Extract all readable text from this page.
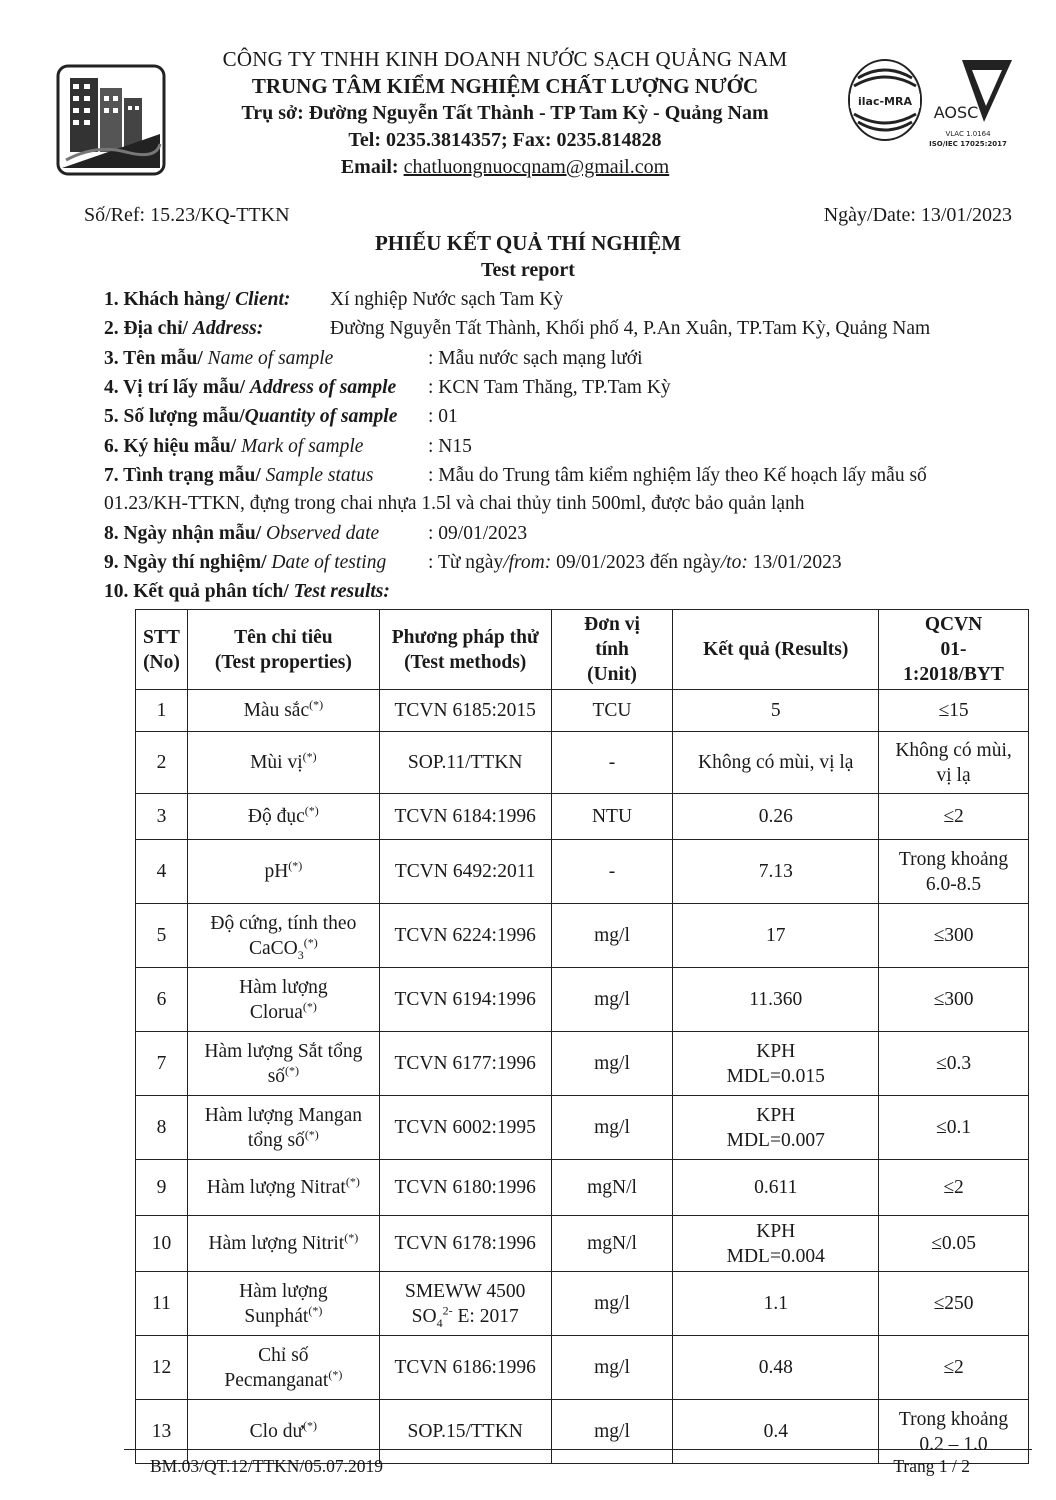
CÔNG TY TNHH KINH DOANH NƯỚC SẠCH QUẢNG NAM
TRUNG TÂM KIỂM NGHIỆM CHẤT LƯỢNG NƯỚC
Trụ sở: Đường Nguyễn Tất Thành - TP Tam Kỳ - Quảng Nam
Tel: 0235.3814357; Fax: 0235.814828
Email: chatluongnuocqnam@gmail.com
ilac-MRA
AOSC
VLAC 1.0164
ISO/IEC 17025:2017
Số/Ref: 15.23/KQ-TTKN	Ngày/Date: 13/01/2023
PHIẾU KẾT QUẢ THÍ NGHIỆM
Test report
1. Khách hàng/ Client: Xí nghiệp Nước sạch Tam Kỳ
2. Địa chỉ/ Address:	Đường Nguyễn Tất Thành, Khối phố 4, P.An Xuân, TP.Tam Kỳ, Quảng Nam
3. Tên mẫu/ Name of sample	: Mẫu nước sạch mạng lưới
4. Vị trí lấy mẫu/ Address of sample : KCN Tam Thăng, TP.Tam Kỳ
5. Số lượng mẫu/Quantity of sample : 01
6. Ký hiệu mẫu/ Mark of sample	: N15
7. Tình trạng mẫu/ Sample status	: Mẫu do Trung tâm kiểm nghiệm lấy theo Kế hoạch lấy mẫu số
01.23/KH-TTKN, đựng trong chai nhựa 1.5l và chai thủy tinh 500ml, được bảo quản lạnh
8. Ngày nhận mẫu/ Observed date	: 09/01/2023
9. Ngày thí nghiệm/ Date of testing : Từ ngày/from: 09/01/2023 đến ngày/to: 13/01/2023
10. Kết quả phân tích/ Test results:
STT
(No)	Tên chỉ tiêu
(Test properties)	Phương pháp thử
(Test methods)	Đơn vị
tính
(Unit)	Kết quả (Results)	QCVN
01-
1:2018/BYT
1	Màu sắc(*)	TCVN 6185:2015	TCU	5	≤15
2	Mùi vị(*)	SOP.11/TTKN	-	Không có mùi, vị lạ	Không có mùi,
vị lạ
3	Độ đục(*)	TCVN 6184:1996	NTU	0.26	≤2
4	pH(*)	TCVN 6492:2011	-	7.13	Trong khoảng
6.0-8.5
5	Độ cứng, tính theo
CaCO$_3$(*)	TCVN 6224:1996	mg/l	17	≤300
6	Hàm lượng
Clorua(*)	TCVN 6194:1996	mg/l	11.360	≤300
7	Hàm lượng Sắt tổng
số(*)	TCVN 6177:1996	mg/l	KPH
MDL=0.015	≤0.3
8	Hàm lượng Mangan
tổng số(*)	TCVN 6002:1995	mg/l	KPH
MDL=0.007	≤0.1
9	Hàm lượng Nitrat(*)	TCVN 6180:1996	mgN/l	0.611	≤2
10	Hàm lượng Nitrit(*)	TCVN 6178:1996	mgN/l	KPH
MDL=0.004	≤0.05
11	Hàm lượng
Sunphát(*)	SMEWW 4500
$SO_4^{2-}$ E: 2017	mg/l	1.1	≤250
12	Chỉ số
Pecmanganat(*)	TCVN 6186:1996	mg/l	0.48	≤2
13	Clo dư(*)	SOP.15/TTKN	mg/l	0.4	Trong khoảng
0.2 – 1.0
BM.03/QT.12/TTKN/05.07.2019	Trang 1 / 2
